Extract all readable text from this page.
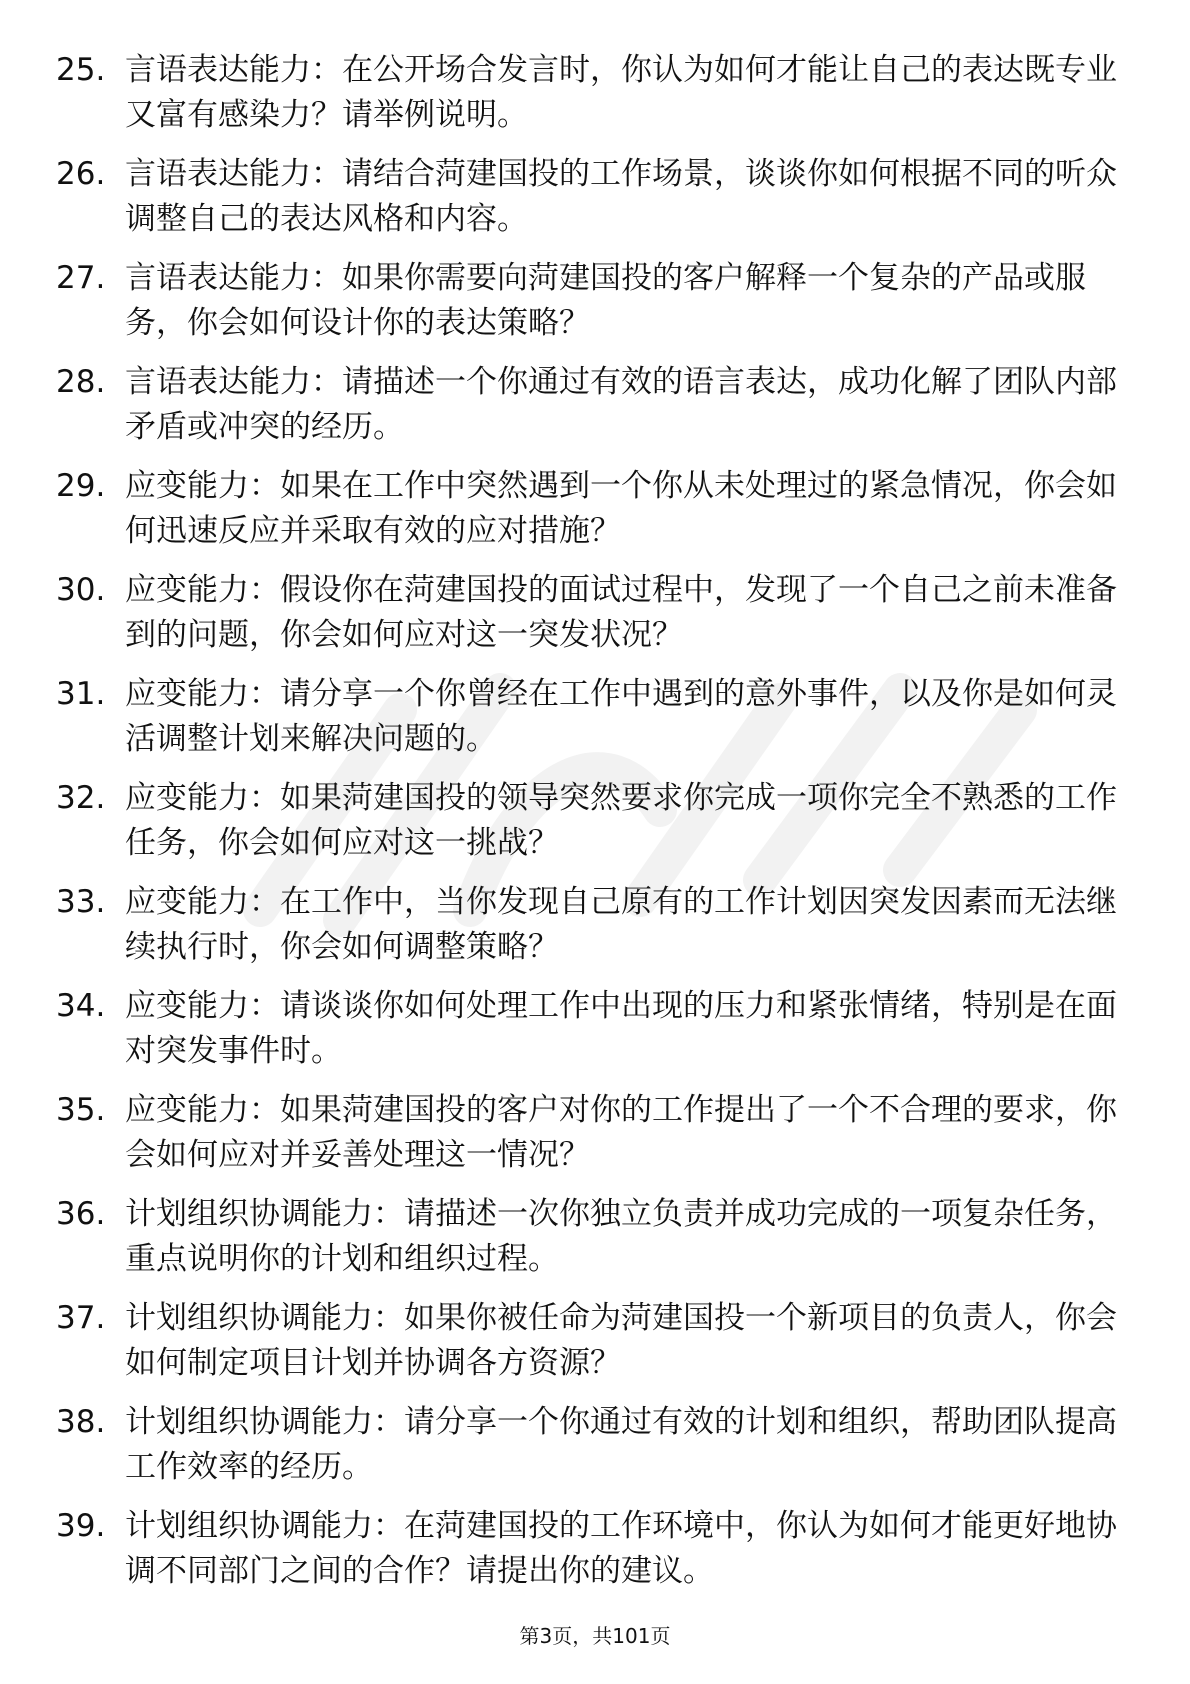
25. 言语表达能力：在公开场合发言时，你认为如何才能让自己的表达既专业又富有感染力？请举例说明。
26. 言语表达能力：请结合菏建国投的工作场景，谈谈你如何根据不同的听众调整自己的表达风格和内容。
27. 言语表达能力：如果你需要向菏建国投的客户解释一个复杂的产品或服务，你会如何设计你的表达策略？
28. 言语表达能力：请描述一个你通过有效的语言表达，成功化解了团队内部矛盾或冲突的经历。
29. 应变能力：如果在工作中突然遇到一个你从未处理过的紧急情况，你会如何迅速反应并采取有效的应对措施？
30. 应变能力：假设你在菏建国投的面试过程中，发现了一个自己之前未准备到的问题，你会如何应对这一突发状况？
31. 应变能力：请分享一个你曾经在工作中遇到的意外事件，以及你是如何灵活调整计划来解决问题的。
32. 应变能力：如果菏建国投的领导突然要求你完成一项你完全不熟悉的工作任务，你会如何应对这一挑战？
33. 应变能力：在工作中，当你发现自己原有的工作计划因突发因素而无法继续执行时，你会如何调整策略？
34. 应变能力：请谈谈你如何处理工作中出现的压力和紧张情绪，特别是在面对突发事件时。
35. 应变能力：如果菏建国投的客户对你的工作提出了一个不合理的要求，你会如何应对并妥善处理这一情况？
36. 计划组织协调能力：请描述一次你独立负责并成功完成的一项复杂任务，重点说明你的计划和组织过程。
37. 计划组织协调能力：如果你被任命为菏建国投一个新项目的负责人，你会如何制定项目计划并协调各方资源？
38. 计划组织协调能力：请分享一个你通过有效的计划和组织，帮助团队提高工作效率的经历。
39. 计划组织协调能力：在菏建国投的工作环境中，你认为如何才能更好地协调不同部门之间的合作？请提出你的建议。
第3页，共101页
